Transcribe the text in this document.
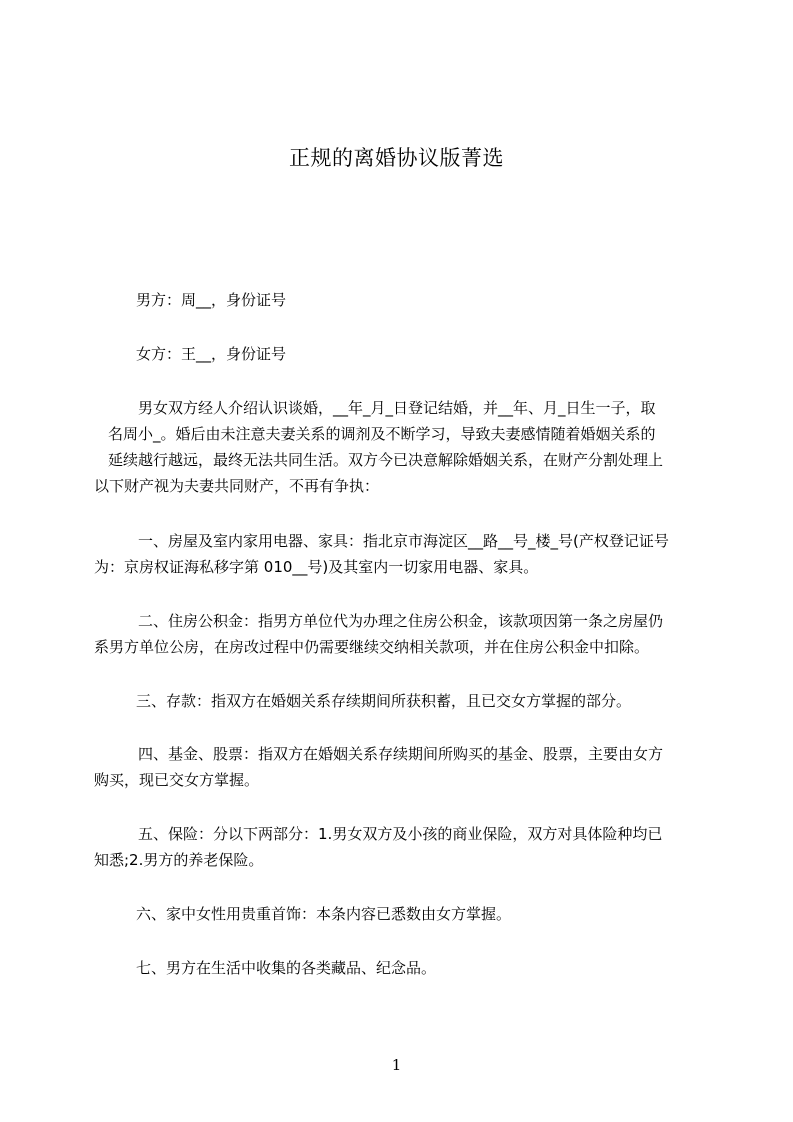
正规的离婚协议版菁选
男方：周__，身份证号
女方：王__，身份证号
男女双方经人介绍认识谈婚，__年_月_日登记结婚，并__年、月_日生一子，取
名周小_。婚后由未注意夫妻关系的调剂及不断学习，导致夫妻感情随着婚姻关系的
延续越行越远，最终无法共同生活。双方今已决意解除婚姻关系，在财产分割处理上
以下财产视为夫妻共同财产，不再有争执：
一、房屋及室内家用电器、家具：指北京市海淀区__路__号_楼_号(产权登记证号
为：京房权证海私移字第 010__号)及其室内一切家用电器、家具。
二、住房公积金：指男方单位代为办理之住房公积金，该款项因第一条之房屋仍
系男方单位公房，在房改过程中仍需要继续交纳相关款项，并在住房公积金中扣除。
三、存款：指双方在婚姻关系存续期间所获积蓄，且已交女方掌握的部分。
四、基金、股票：指双方在婚姻关系存续期间所购买的基金、股票，主要由女方
购买，现已交女方掌握。
五、保险：分以下两部分：1.男女双方及小孩的商业保险，双方对具体险种均已
知悉;2.男方的养老保险。
六、家中女性用贵重首饰：本条内容已悉数由女方掌握。
七、男方在生活中收集的各类藏品、纪念品。
1
